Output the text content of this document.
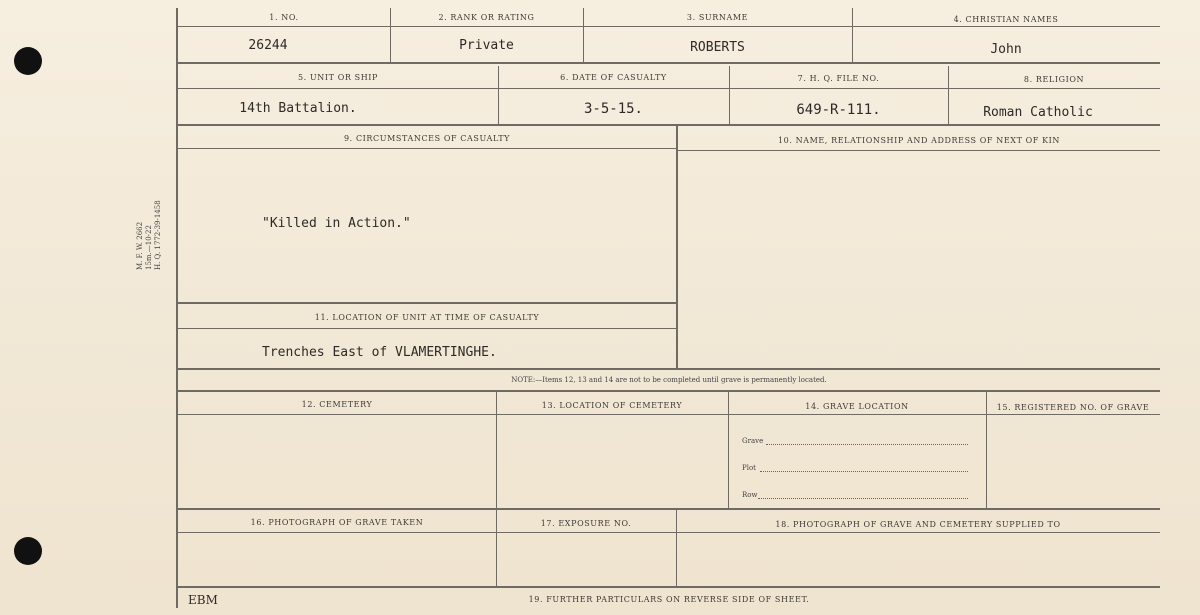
M. F. W. 2662 15m.—10-22 H. Q. 1772-39-1458
1. NO.	2. RANK OR RATING	3. SURNAME	4. CHRISTIAN NAMES
26244	Private	ROBERTS	John
5. UNIT OR SHIP	6. DATE OF CASUALTY	7. H. Q. FILE NO.	8. RELIGION
14th Battalion.	3-5-15.	649-R-111.	Roman Catholic
9. CIRCUMSTANCES OF CASUALTY	10. NAME, RELATIONSHIP AND ADDRESS OF NEXT OF KIN
11. LOCATION OF UNIT AT TIME OF CASUALTY
"Killed in Action."
Trenches East of VLAMERTINGHE.
NOTE:—Items 12, 13 and 14 are not to be completed until grave is permanently located.
12. CEMETERY	13. LOCATION OF CEMETERY	14. GRAVE LOCATION	15. REGISTERED NO. OF GRAVE
Grave
Plot
Row
16. PHOTOGRAPH OF GRAVE TAKEN	17. EXPOSURE NO.	18. PHOTOGRAPH OF GRAVE AND CEMETERY SUPPLIED TO
EBM	19. FURTHER PARTICULARS ON REVERSE SIDE OF SHEET.
